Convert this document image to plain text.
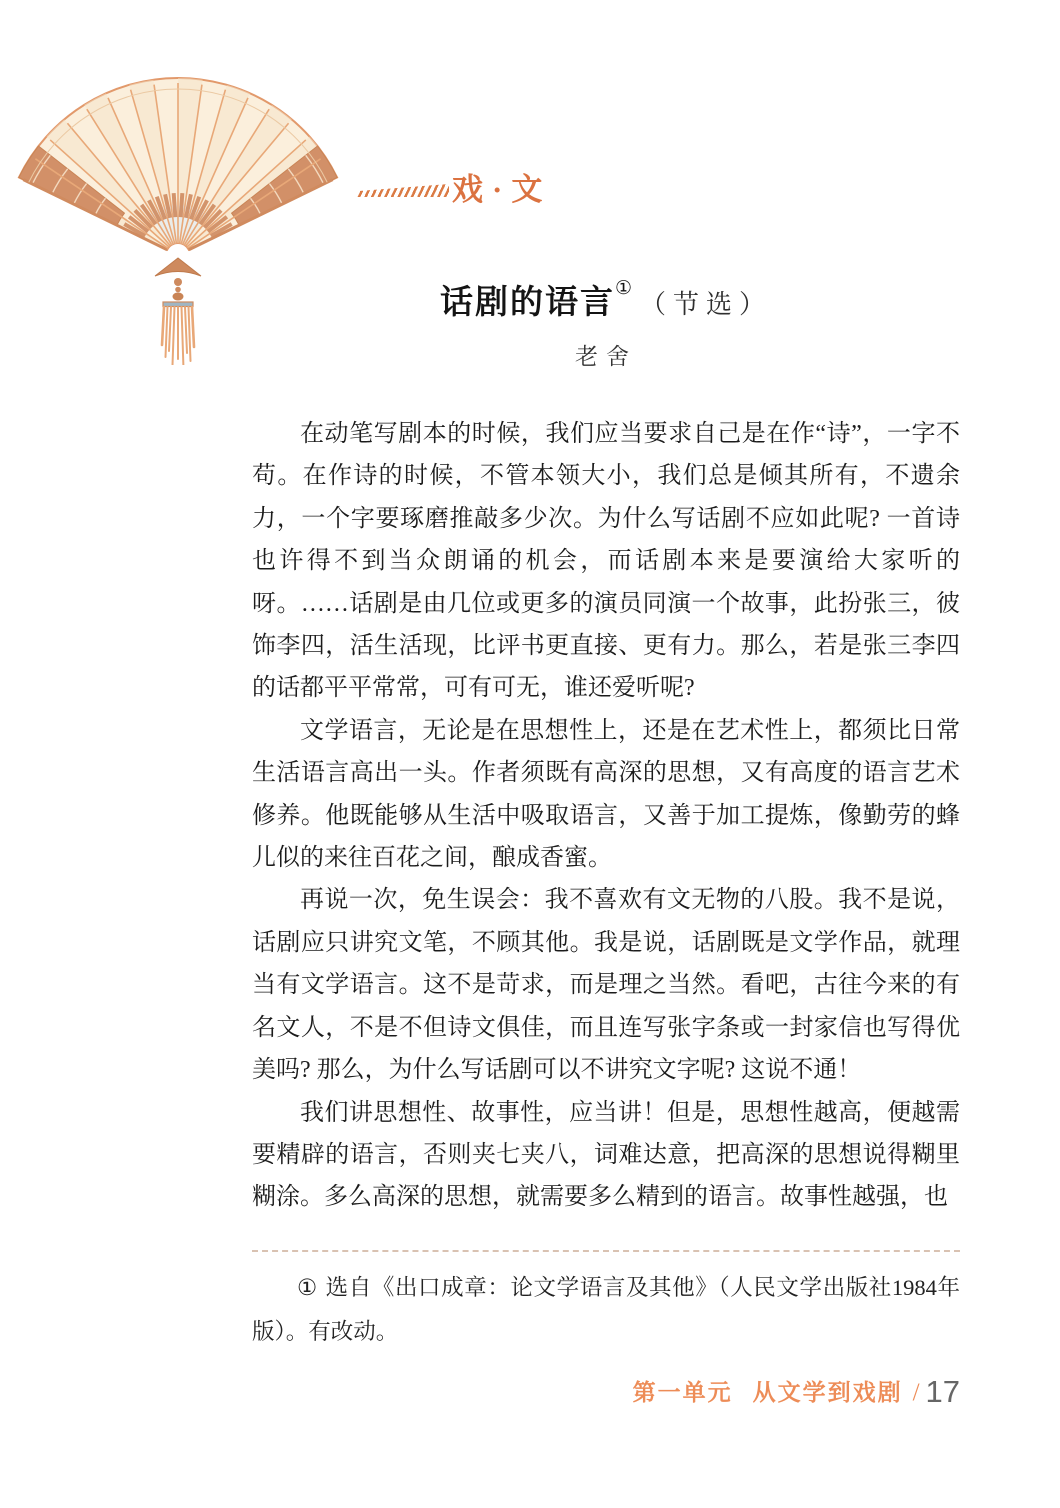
戏·文
话剧的语言①（节选）
老舍

在动笔写剧本的时候，我们应当要求自己是在作“诗”，一字不苟。在作诗的时候，不管本领大小，我们总是倾其所有，不遗余力，一个字要琢磨推敲多少次。为什么写话剧不应如此呢? 一首诗也许得不到当众朗诵的机会，而话剧本来是要演给大家听的呀。……话剧是由几位或更多的演员同演一个故事，此扮张三，彼饰李四，活生活现，比评书更直接、更有力。那么，若是张三李四的话都平平常常，可有可无，谁还爱听呢?

文学语言，无论是在思想性上，还是在艺术性上，都须比日常生活语言高出一头。作者须既有高深的思想，又有高度的语言艺术修养。他既能够从生活中吸取语言，又善于加工提炼，像勤劳的蜂儿似的来往百花之间，酿成香蜜。

再说一次，免生误会：我不喜欢有文无物的八股。我不是说，话剧应只讲究文笔，不顾其他。我是说，话剧既是文学作品，就理当有文学语言。这不是苛求，而是理之当然。看吧，古往今来的有名文人，不是不但诗文俱佳，而且连写张字条或一封家信也写得优美吗? 那么，为什么写话剧可以不讲究文字呢? 这说不通！

我们讲思想性、故事性，应当讲！但是，思想性越高，便越需要精辟的语言，否则夹七夹八，词难达意，把高深的思想说得糊里糊涂。多么高深的思想，就需要多么精到的语言。故事性越强，也

① 选自《出口成章：论文学语言及其他》（人民文学出版社1984年版）。有改动。

第一单元 从文学到戏剧 / 17
